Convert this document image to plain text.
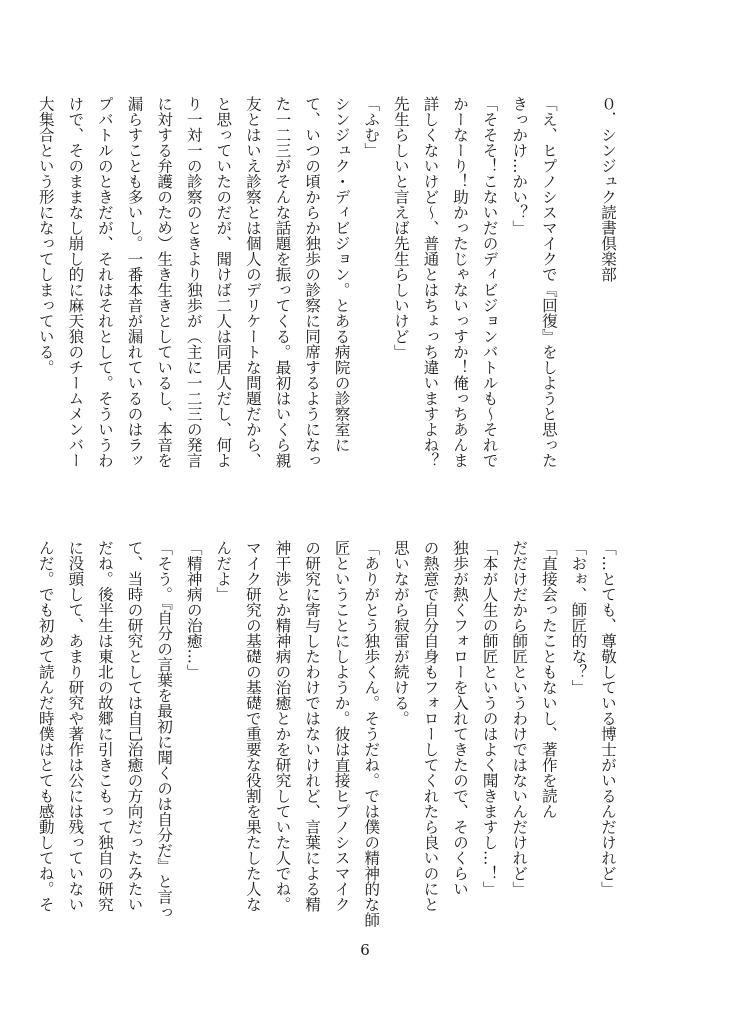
０．シンジュク読書倶楽部

「え、ヒプノシスマイクで『回復』をしようと思った
きっかけ…かい？」
「そそそ！こないだのディビジョンバトルも～それで
かーなーり！助かったじゃないっすか！俺っちあんま
詳しくないけど～、普通とはちょっち違いますよね？
先生らしいと言えば先生らしいけど」
「ふむ」
シンジュク・ディビジョン。とある病院の診察室に
て、いつの頃からか独歩の診察に同席するようになっ
た一二三がそんな話題を振ってくる。最初はいくら親
友とはいえ診察とは個人のデリケートな問題だから、
と思っていたのだが、聞けば二人は同居人だし、何よ
り一対一の診察のときより独歩が（主に一二三の発言
に対する弁護のため）生き生きとしているし、本音を
漏らすことも多いし。一番本音が漏れているのはラッ
プバトルのときだが、それはそれとして。そういうわ
けで、そのままなし崩し的に麻天狼のチームメンバー
大集合という形になってしまっている。
「…とても、尊敬している博士がいるんだけれど」
「おぉ、師匠的な？」
「直接会ったこともないし、著作を読ん
だだけだから師匠というわけではないんだけれど」
「本が人生の師匠というのはよく聞きますし…！」
独歩が熱くフォローを入れてきたので、そのくらい
の熱意で自分自身もフォローしてくれたら良いのにと
思いながら寂雷が続ける。
「ありがとう独歩くん。そうだね。では僕の精神的な師
匠ということにしようか。彼は直接ヒプノシスマイク
の研究に寄与したわけではないけれど、言葉による精
神干渉とか精神病の治癒とかを研究していた人でね。
マイク研究の基礎の基礎で重要な役割を果たした人な
んだよ」
「精神病の治癒…」
「そう。『自分の言葉を最初に聞くのは自分だ』と言っ
て、当時の研究としては自己治癒の方向だったみたい
だね。後半生は東北の故郷に引きこもって独自の研究
に没頭して、あまり研究や著作は公には残っていない
んだ。でも初めて読んだ時僕はとても感動してね。そ
6
